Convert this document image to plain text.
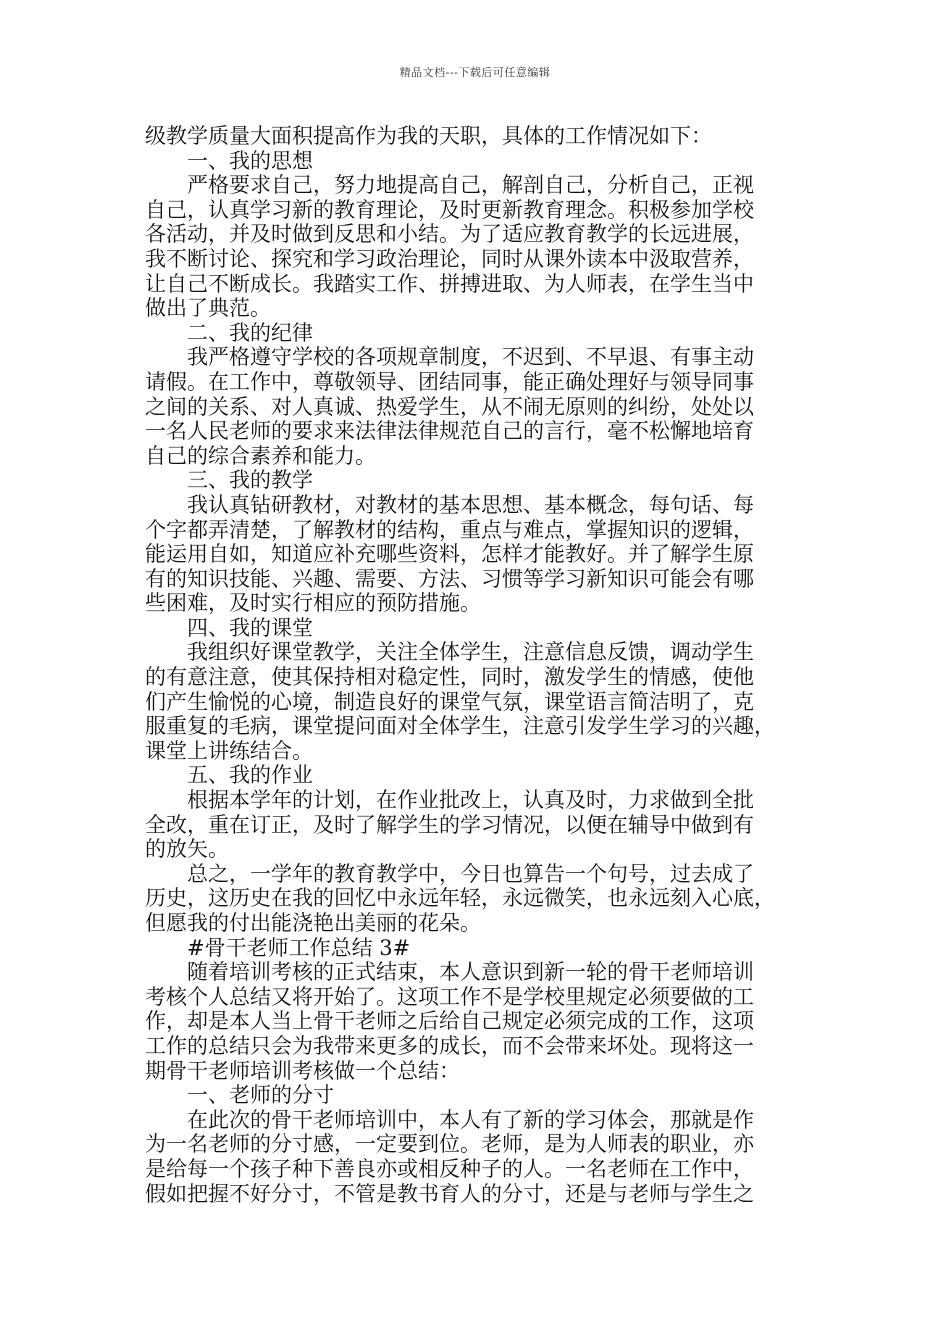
精品文档---下载后可任意编辑
级教学质量大面积提高作为我的天职，具体的工作情况如下：
一、我的思想
严格要求自己，努力地提高自己，解剖自己，分析自己，正视
自己，认真学习新的教育理论，及时更新教育理念。积极参加学校
各活动，并及时做到反思和小结。为了适应教育教学的长远进展，
我不断讨论、探究和学习政治理论，同时从课外读本中汲取营养，
让自己不断成长。我踏实工作、拼搏进取、为人师表，在学生当中
做出了典范。
二、我的纪律
我严格遵守学校的各项规章制度，不迟到、不早退、有事主动
请假。在工作中，尊敬领导、团结同事，能正确处理好与领导同事
之间的关系、对人真诚、热爱学生，从不闹无原则的纠纷，处处以
一名人民老师的要求来法律法律规范自己的言行，毫不松懈地培育
自己的综合素养和能力。
三、我的教学
我认真钻研教材，对教材的基本思想、基本概念，每句话、每
个字都弄清楚，了解教材的结构，重点与难点，掌握知识的逻辑，
能运用自如，知道应补充哪些资料，怎样才能教好。并了解学生原
有的知识技能、兴趣、需要、方法、习惯等学习新知识可能会有哪
些困难，及时实行相应的预防措施。
四、我的课堂
我组织好课堂教学，关注全体学生，注意信息反馈，调动学生
的有意注意，使其保持相对稳定性，同时，激发学生的情感，使他
们产生愉悦的心境，制造良好的课堂气氛，课堂语言简洁明了，克
服重复的毛病，课堂提问面对全体学生，注意引发学生学习的兴趣，
课堂上讲练结合。
五、我的作业
根据本学年的计划，在作业批改上，认真及时，力求做到全批
全改，重在订正，及时了解学生的学习情况，以便在辅导中做到有
的放矢。
总之，一学年的教育教学中，今日也算告一个句号，过去成了
历史，这历史在我的回忆中永远年轻，永远微笑，也永远刻入心底，
但愿我的付出能浇艳出美丽的花朵。
#骨干老师工作总结 3#
随着培训考核的正式结束，本人意识到新一轮的骨干老师培训
考核个人总结又将开始了。这项工作不是学校里规定必须要做的工
作，却是本人当上骨干老师之后给自己规定必须完成的工作，这项
工作的总结只会为我带来更多的成长，而不会带来坏处。现将这一
期骨干老师培训考核做一个总结：
一、老师的分寸
在此次的骨干老师培训中，本人有了新的学习体会，那就是作
为一名老师的分寸感，一定要到位。老师，是为人师表的职业，亦
是给每一个孩子种下善良亦或相反种子的人。一名老师在工作中，
假如把握不好分寸，不管是教书育人的分寸，还是与老师与学生之
